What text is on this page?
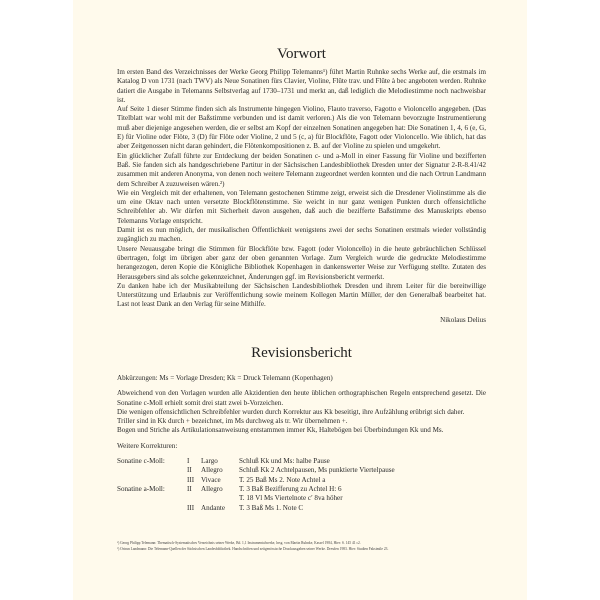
Vorwort

Im ersten Band des Verzeichnisses der Werke Georg Philipp Telemanns¹) führt Martin Ruhnke sechs Werke auf, die erstmals im Katalog D von 1731 (nach TWV) als Neue Sonatinen fürs Clavier, Violine, Flûte trav. und Flûte à bec angeboten werden. Ruhnke datiert die Ausgabe in Telemanns Selbstverlag auf 1730–1731 und merkt an, daß lediglich die Melodiestimme noch nachweisbar ist.

Auf Seite 1 dieser Stimme finden sich als Instrumente hingegen Violino, Flauto traverso, Fagotto e Violoncello angegeben. (Das Titelblatt war wohl mit der Baßstimme verbunden und ist damit verloren.) Als die von Telemann bevorzugte Instrumentierung muß aber diejenige angesehen werden, die er selbst am Kopf der einzelnen Sonatinen angegeben hat: Die Sonatinen 1, 4, 6 (e, G, E) für Violine oder Flöte, 3 (D) für Flöte oder Violine, 2 und 5 (c, a) für Blockflöte, Fagott oder Violoncello. Wie üblich, hat das aber Zeitgenossen nicht daran gehindert, die Flötenkompositionen z. B. auf der Violine zu spielen und umgekehrt.

Ein glücklicher Zufall führte zur Entdeckung der beiden Sonatinen c- und a-Moll in einer Fassung für Violine und bezifferten Baß. Sie fanden sich als handgeschriebene Partitur in der Sächsischen Landesbibliothek Dresden unter der Signatur 2-R-8.41/42 zusammen mit anderen Anonyma, von denen noch weitere Telemann zugeordnet werden konnten und die nach Ortrun Landmann dem Schreiber A zuzuweisen wären.²)

Wie ein Vergleich mit der erhaltenen, von Telemann gestochenen Stimme zeigt, erweist sich die Dresdener Violinstimme als die um eine Oktav nach unten versetzte Blockflötenstimme. Sie weicht in nur ganz wenigen Punkten durch offensichtliche Schreibfehler ab. Wir dürfen mit Sicherheit davon ausgehen, daß auch die bezifferte Baßstimme des Manuskripts ebenso Telemanns Vorlage entspricht.

Damit ist es nun möglich, der musikalischen Öffentlichkeit wenigstens zwei der sechs Sonatinen erstmals wieder vollständig zugänglich zu machen.

Unsere Neuausgabe bringt die Stimmen für Blockflöte bzw. Fagott (oder Violoncello) in die heute gebräuchlichen Schlüssel übertragen, folgt im übrigen aber ganz der oben genannten Vorlage. Zum Vergleich wurde die gedruckte Melodiestimme herangezogen, deren Kopie die Königliche Bibliothek Kopenhagen in dankenswerter Weise zur Verfügung stellte. Zutaten des Herausgebers sind als solche gekennzeichnet, Änderungen ggf. im Revisionsbericht vermerkt.

Zu danken habe ich der Musikabteilung der Sächsischen Landesbibliothek Dresden und ihrem Leiter für die bereitwillige Unterstützung und Erlaubnis zur Veröffentlichung sowie meinem Kollegen Martin Müller, der den Generalbaß bearbeitet hat. Last not least Dank an den Verlag für seine Mithilfe.

Nikolaus Delius

Revisionsbericht

Abkürzungen: Ms = Vorlage Dresden; Kk = Druck Telemann (Kopenhagen)

Abweichend von den Vorlagen wurden alle Akzidentien den heute üblichen orthographischen Regeln entsprechend gesetzt. Die Sonatine c-Moll erhielt somit drei statt zwei b-Vorzeichen.

Die wenigen offensichtlichen Schreibfehler wurden durch Korrektur aus Kk beseitigt, ihre Aufzählung erübrigt sich daher.

Triller sind in Kk durch + bezeichnet, im Ms durchweg als tr. Wir übernehmen +.

Bogen und Striche als Artikulationsanweisung entstammen immer Kk, Haltebögen bei Überbindungen Kk und Ms.

Weitere Korrekturen:

Sonatine c-Moll:	I	Largo	Schluß Kk und Ms: halbe Pause
	II	Allegro	Schluß Kk 2 Achtelpausen, Ms punktierte Viertelpause
	III	Vivace	T. 25 Baß Ms 2. Note Achtel a
Sonatine a-Moll:	II	Allegro	T. 3 Baß Bezifferung zu Achtel H: 6
			T. 18 Vl Ms Viertelnote c′ 8va höher
	III	Andante	T. 3 Baß Ms 1. Note C

¹) Georg Philipp Telemann: Thematisch-Systematisches Verzeichnis seiner Werke, Bd. 1,1 Instrumentalwerke, hrsg. von Martin Ruhnke, Kassel 1984, Hier: S. 145 41 c2.

²) Ortrun Landmann: Die Telemann-Quellen der Sächsischen Landesbibliothek. Handschriften und zeitgenössische Druckausgaben seiner Werke. Dresden 1983. Hier: Studien Faksimile 23.
